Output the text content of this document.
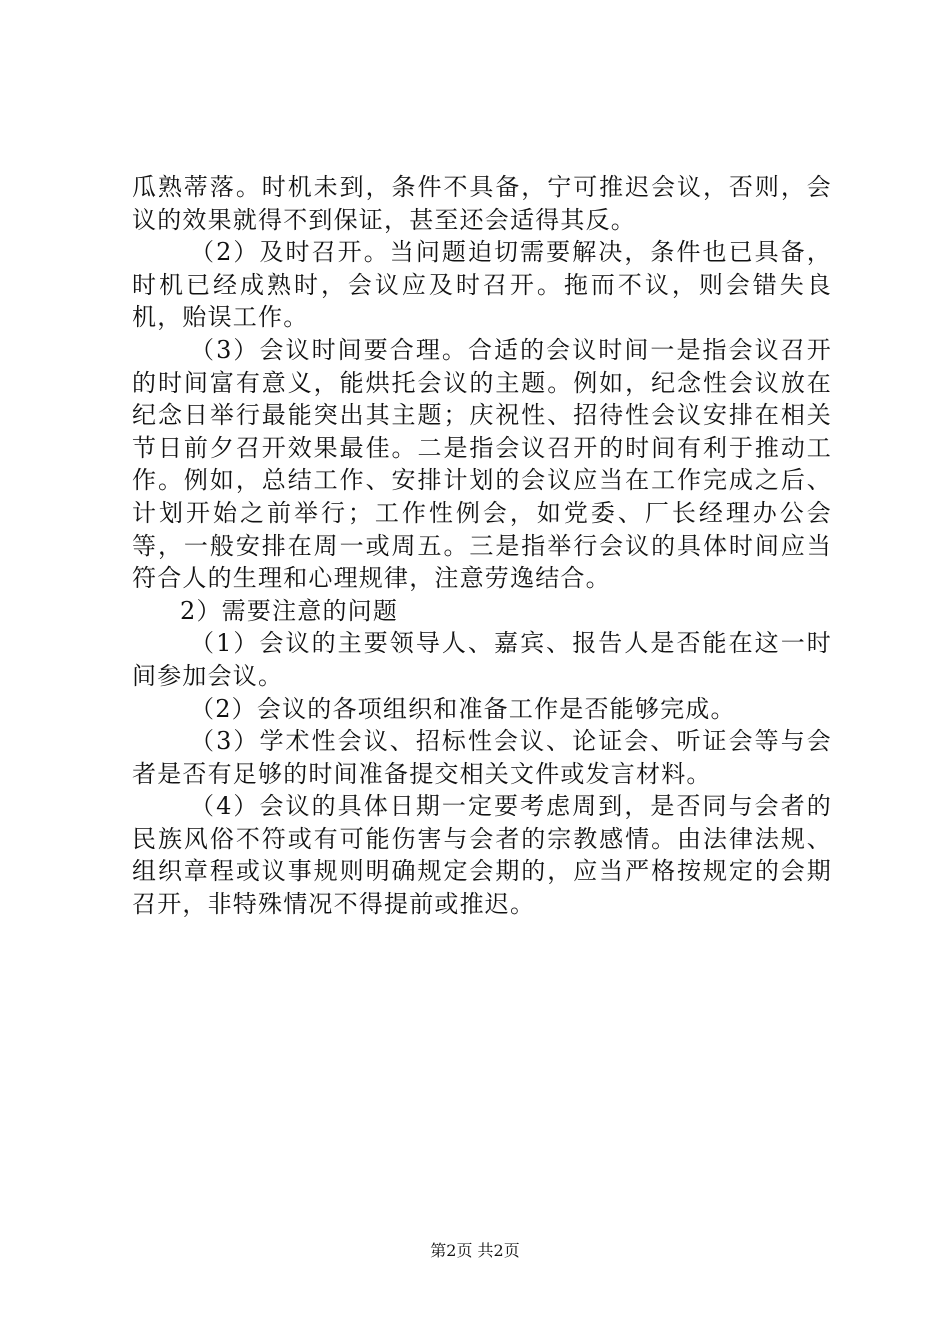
瓜熟蒂落。时机未到，条件不具备，宁可推迟会议，否则，会议的效果就得不到保证，甚至还会适得其反。

（2）及时召开。当问题迫切需要解决，条件也已具备，时机已经成熟时，会议应及时召开。拖而不议，则会错失良机，贻误工作。

（3）会议时间要合理。合适的会议时间一是指会议召开的时间富有意义，能烘托会议的主题。例如，纪念性会议放在纪念日举行最能突出其主题；庆祝性、招待性会议安排在相关节日前夕召开效果最佳。二是指会议召开的时间有利于推动工作。例如，总结工作、安排计划的会议应当在工作完成之后、计划开始之前举行；工作性例会，如党委、厂长经理办公会等，一般安排在周一或周五。三是指举行会议的具体时间应当符合人的生理和心理规律，注意劳逸结合。

2）需要注意的问题

（1）会议的主要领导人、嘉宾、报告人是否能在这一时间参加会议。

（2）会议的各项组织和准备工作是否能够完成。

（3）学术性会议、招标性会议、论证会、听证会等与会者是否有足够的时间准备提交相关文件或发言材料。

（4）会议的具体日期一定要考虑周到，是否同与会者的民族风俗不符或有可能伤害与会者的宗教感情。由法律法规、组织章程或议事规则明确规定会期的，应当严格按规定的会期召开，非特殊情况不得提前或推迟。

第2页 共2页
